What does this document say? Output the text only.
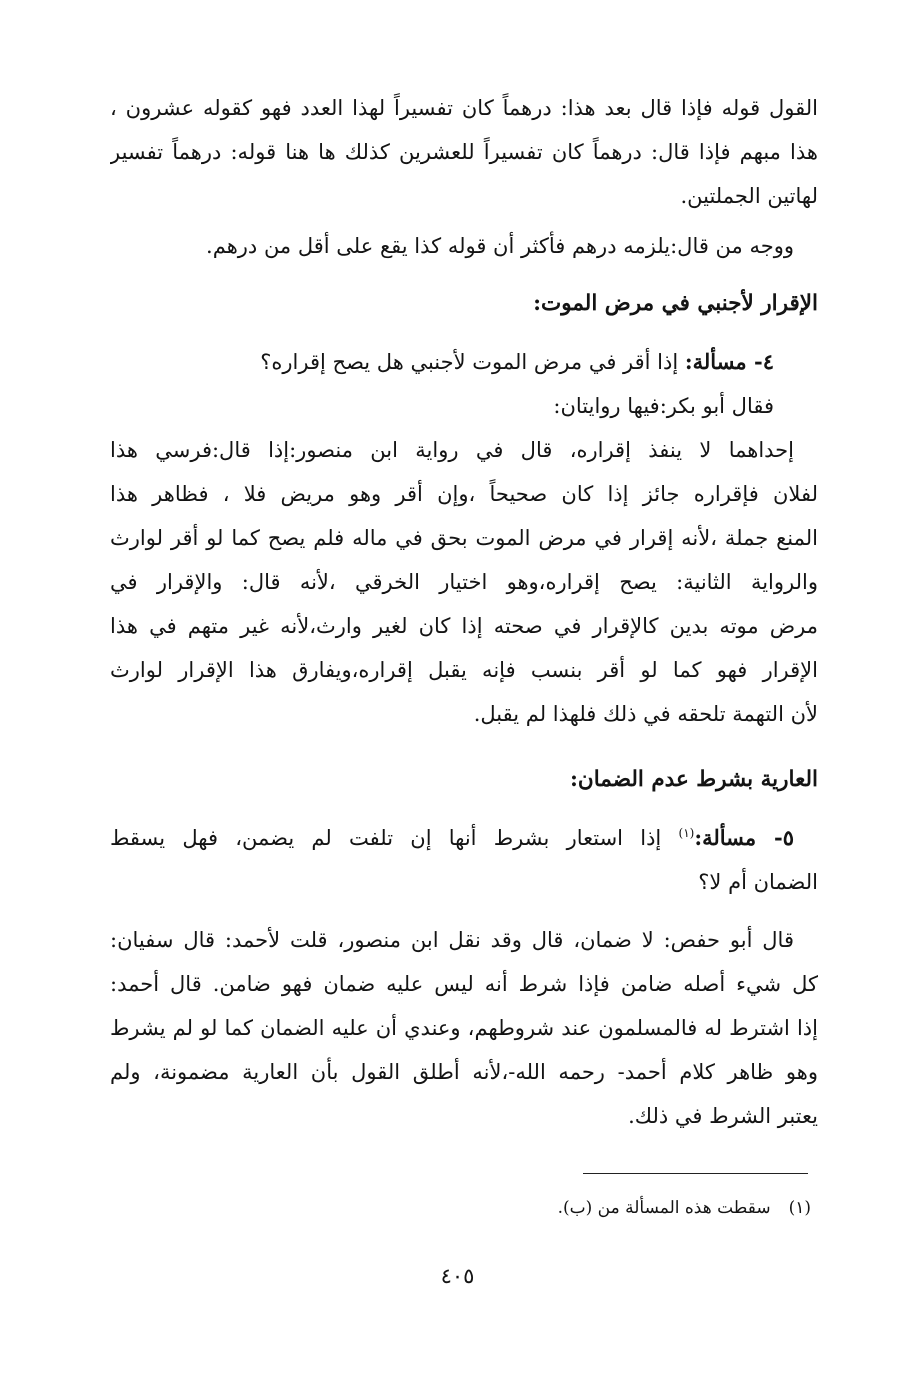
القول قوله فإذا قال بعد هذا: درهماً كان تفسيراً لهذا العدد فهو كقوله عشرون ،
هذا مبهم فإذا قال: درهماً كان تفسيراً للعشرين كذلك ها هنا قوله: درهماً تفسير
لهاتين الجملتين.
ووجه من قال:يلزمه درهم فأكثر أن قوله كذا يقع على أقل من درهم.
الإقرار لأجنبي في مرض الموت:
٤- مسألة: إذا أقر في مرض الموت لأجنبي هل يصح إقراره؟
فقال أبو بكر:فيها روايتان:
إحداهما لا ينفذ إقراره، قال في رواية ابن منصور:إذا قال:فرسي هذا
لفلان فإقراره جائز إذا كان صحيحاً ،وإن أقر وهو مريض فلا ، فظاهر هذا
المنع جملة ،لأنه إقرار في مرض الموت بحق في ماله فلم يصح كما لو أقر لوارث
والرواية الثانية: يصح إقراره،وهو اختيار الخرقي ،لأنه قال: والإقرار في
مرض موته بدين كالإقرار في صحته إذا كان لغير وارث،لأنه غير متهم في هذا
الإقرار فهو كما لو أقر بنسب فإنه يقبل إقراره،ويفارق هذا الإقرار لوارث
لأن التهمة تلحقه في ذلك فلهذا لم يقبل.
العارية بشرط عدم الضمان:
٥- مسألة:$^{(١)}$ إذا استعار بشرط أنها إن تلفت لم يضمن، فهل يسقط
الضمان أم لا؟
قال أبو حفص: لا ضمان، قال وقد نقل ابن منصور، قلت لأحمد: قال سفيان:
كل شيء أصله ضامن فإذا شرط أنه ليس عليه ضمان فهو ضامن. قال أحمد:
إذا اشترط له فالمسلمون عند شروطهم، وعندي أن عليه الضمان كما لو لم يشرط
وهو ظاهر كلام أحمد- رحمه الله-،لأنه أطلق القول بأن العارية مضمونة، ولم
يعتبر الشرط في ذلك.
(١)سقطت هذه المسألة من (ب).
٤٠٥
